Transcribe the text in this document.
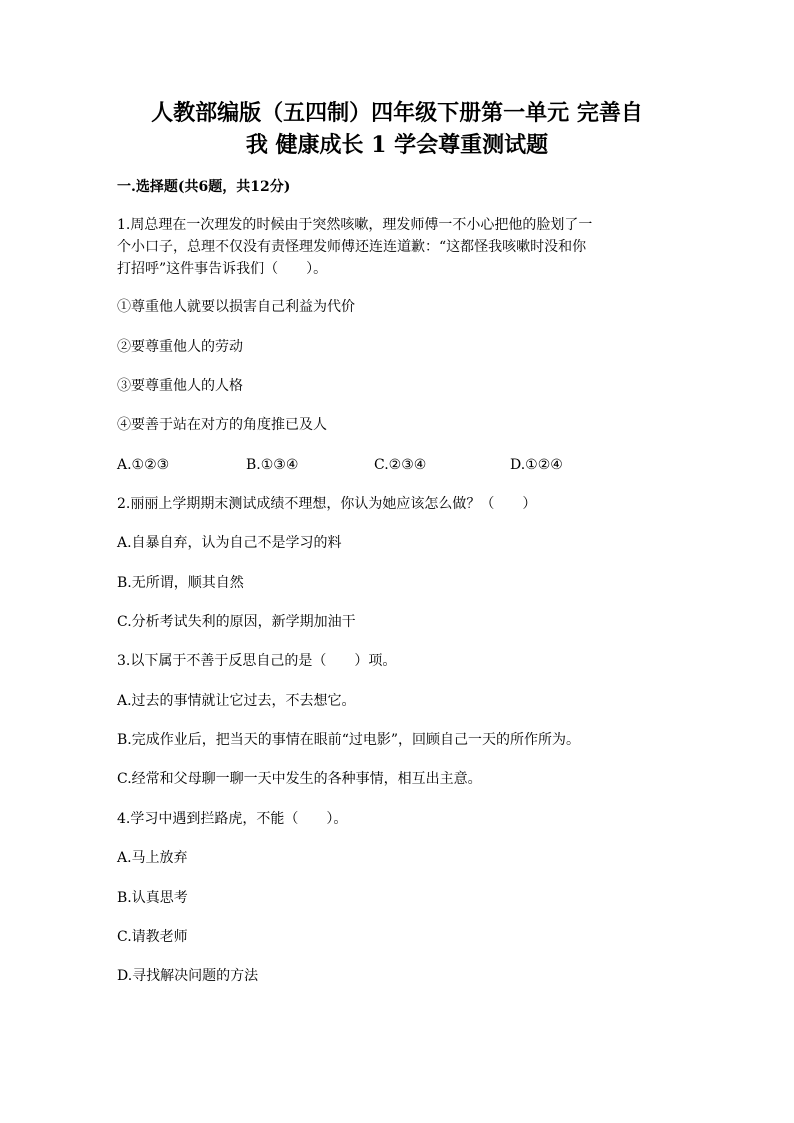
人教部编版（五四制）四年级下册第一单元 完善自
我 健康成长 1 学会尊重测试题
一.选择题(共6题，共12分)
1.周总理在一次理发的时候由于突然咳嗽，理发师傅一不小心把他的脸划了一
个小口子，总理不仅没有责怪理发师傅还连连道歉：“这都怪我咳嗽时没和你
打招呼”这件事告诉我们（　　）。
①尊重他人就要以损害自己利益为代价
②要尊重他人的劳动
③要尊重他人的人格
④要善于站在对方的角度推已及人
A.①②③	B.①③④	C.②③④	D.①②④
2.丽丽上学期期末测试成绩不理想，你认为她应该怎么做？（　　）
A.自暴自弃，认为自己不是学习的料
B.无所谓，顺其自然
C.分析考试失利的原因，新学期加油干
3.以下属于不善于反思自己的是（　　）项。
A.过去的事情就让它过去，不去想它。
B.完成作业后，把当天的事情在眼前“过电影”，回顾自己一天的所作所为。
C.经常和父母聊一聊一天中发生的各种事情，相互出主意。
4.学习中遇到拦路虎，不能（　　）。
A.马上放弃
B.认真思考
C.请教老师
D.寻找解决问题的方法
